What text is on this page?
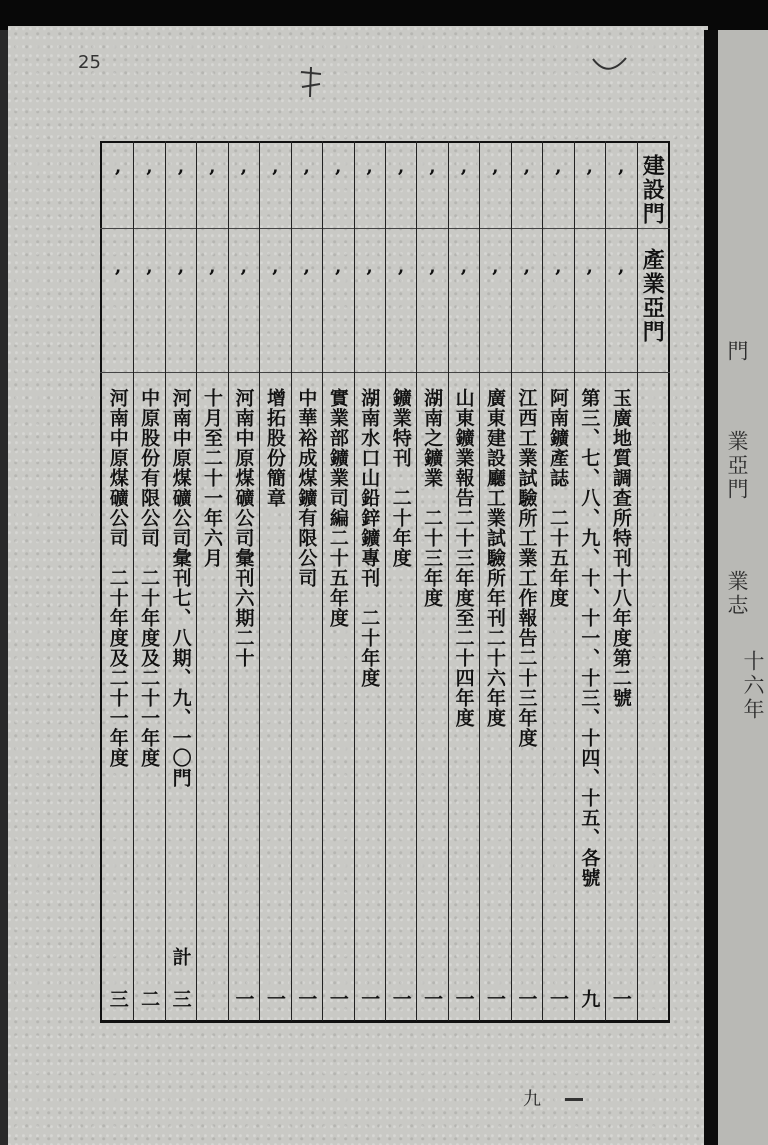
門
業亞門
業志
十六年
25
建設門
產業亞門
ʼ
ʼ
玉廣地質調查所特刊十八年度第二號
一
ʼ
ʼ
第三、七、八、九、十、十一、十三、十四、十五、各號
九
ʼ
ʼ
阿南鑛產誌　二十五年度
一
ʼ
ʼ
江西工業試驗所工業工作報告二十三年度
一
ʼ
ʼ
廣東建設廳工業試驗所年刊二十六年度
一
ʼ
ʼ
山東鑛業報告二十三年度至二十四年度
一
ʼ
ʼ
湖南之鑛業　二十三年度
一
ʼ
ʼ
鑛業特刊　二十年度
一
ʼ
ʼ
湖南水口山鉛鋅鑛專刊　二十年度
一
ʼ
ʼ
實業部鑛業司編二十五年度
一
ʼ
ʼ
中華裕成煤鑛有限公司
一
ʼ
ʼ
增拓股份簡章
一
ʼ
ʼ
河南中原煤礦公司彙刊六期二十
一
ʼ
ʼ
十月至二十一年六月
ʼ
ʼ
河南中原煤礦公司彙刊七、八期、九、一〇門
計　三
ʼ
ʼ
中原股份有限公司　二十年度及二十一年度
二
ʼ
ʼ
河南中原煤礦公司　二十年度及二十一年度
三
九
